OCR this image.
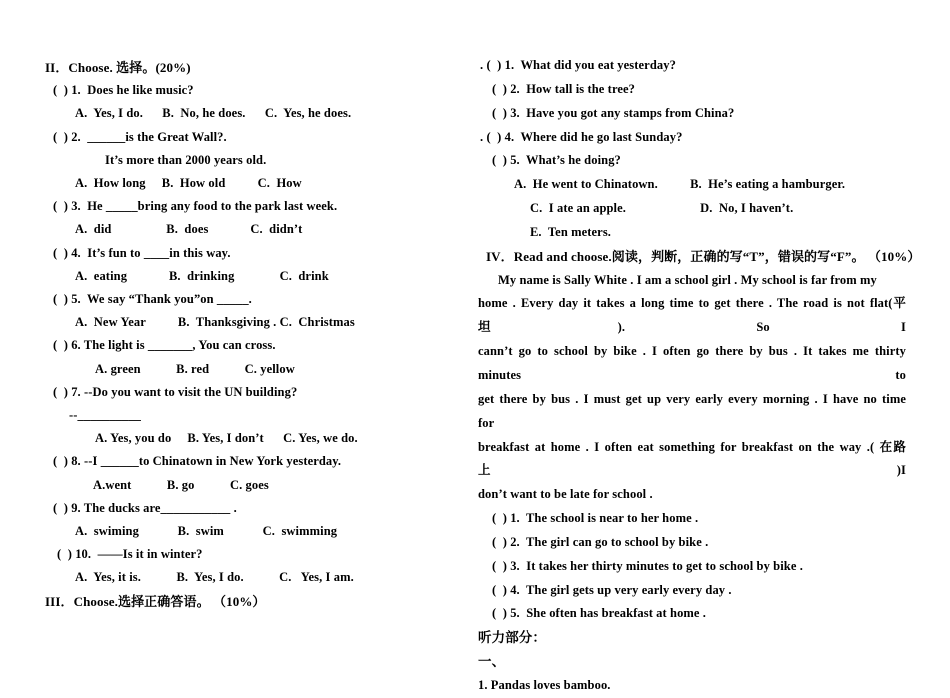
II．Choose. 选择。(20%)
(  ) 1.  Does he like music?
A.  Yes, I do.      B.  No, he does.      C.  Yes, he does.
(  ) 2.  ______is the Great Wall?.
It’s more than 2000 years old.
A.  How long     B.  How old          C.  How
(  ) 3.  He _____bring any food to the park last week.
A.  did                 B.  does             C.  didn’t
(  ) 4.  It’s fun to ____in this way.
A.  eating             B.  drinking              C.  drink
(  ) 5.  We say “Thank you”on _____.
A.  New Year          B.  Thanksgiving . C.  Christmas
(  ) 6. The light is _______, You can cross.
A. green           B. red           C. yellow
(  ) 7. --Do you want to visit the UN building?
--__________
A. Yes, you do     B. Yes, I don’t      C. Yes, we do.
(  ) 8. --I ______to Chinatown in New York yesterday.
A.went           B. go           C. goes
(  ) 9. The ducks are___________ .
A.  swiming            B.  swim            C.  swimming
(  ) 10.  ——Is it in winter?
A.  Yes, it is.           B.  Yes, I do.           C.   Yes, I am.
III．Choose.选择正确答语。 （10%）
. (  ) 1.  What did you eat yesterday?
(  ) 2.  How tall is the tree?
(  ) 3.  Have you got any stamps from China?
. (  ) 4.  Where did he go last Sunday?
(  ) 5.  What’s he doing?
A.  He went to Chinatown.          B.  He’s eating a hamburger.
C.  I ate an apple.                       D.  No, I haven’t.
E.  Ten meters.
IV．Read and choose.阅读，判断，正确的写“T”，错误的写“F”。 （10%）
My name is Sally White . I am a school girl . My school is far from my
home . Every day it takes a long time to get there . The road is not flat(平坦). So I
cann’t go to school by bike . I often go there by bus . It takes me thirty minutes to
get there by bus . I must get up very early every morning . I have no time for
breakfast at home . I often eat something for breakfast on the way .( 在路上)I
don’t want to be late for school .
(  ) 1.  The school is near to her home .
(  ) 2.  The girl can go to school by bike .
(  ) 3.  It takes her thirty minutes to get to school by bike .
(  ) 4.  The girl gets up very early every day .
(  ) 5.  She often has breakfast at home .
听力部分：
一、
1. Pandas loves bamboo.
